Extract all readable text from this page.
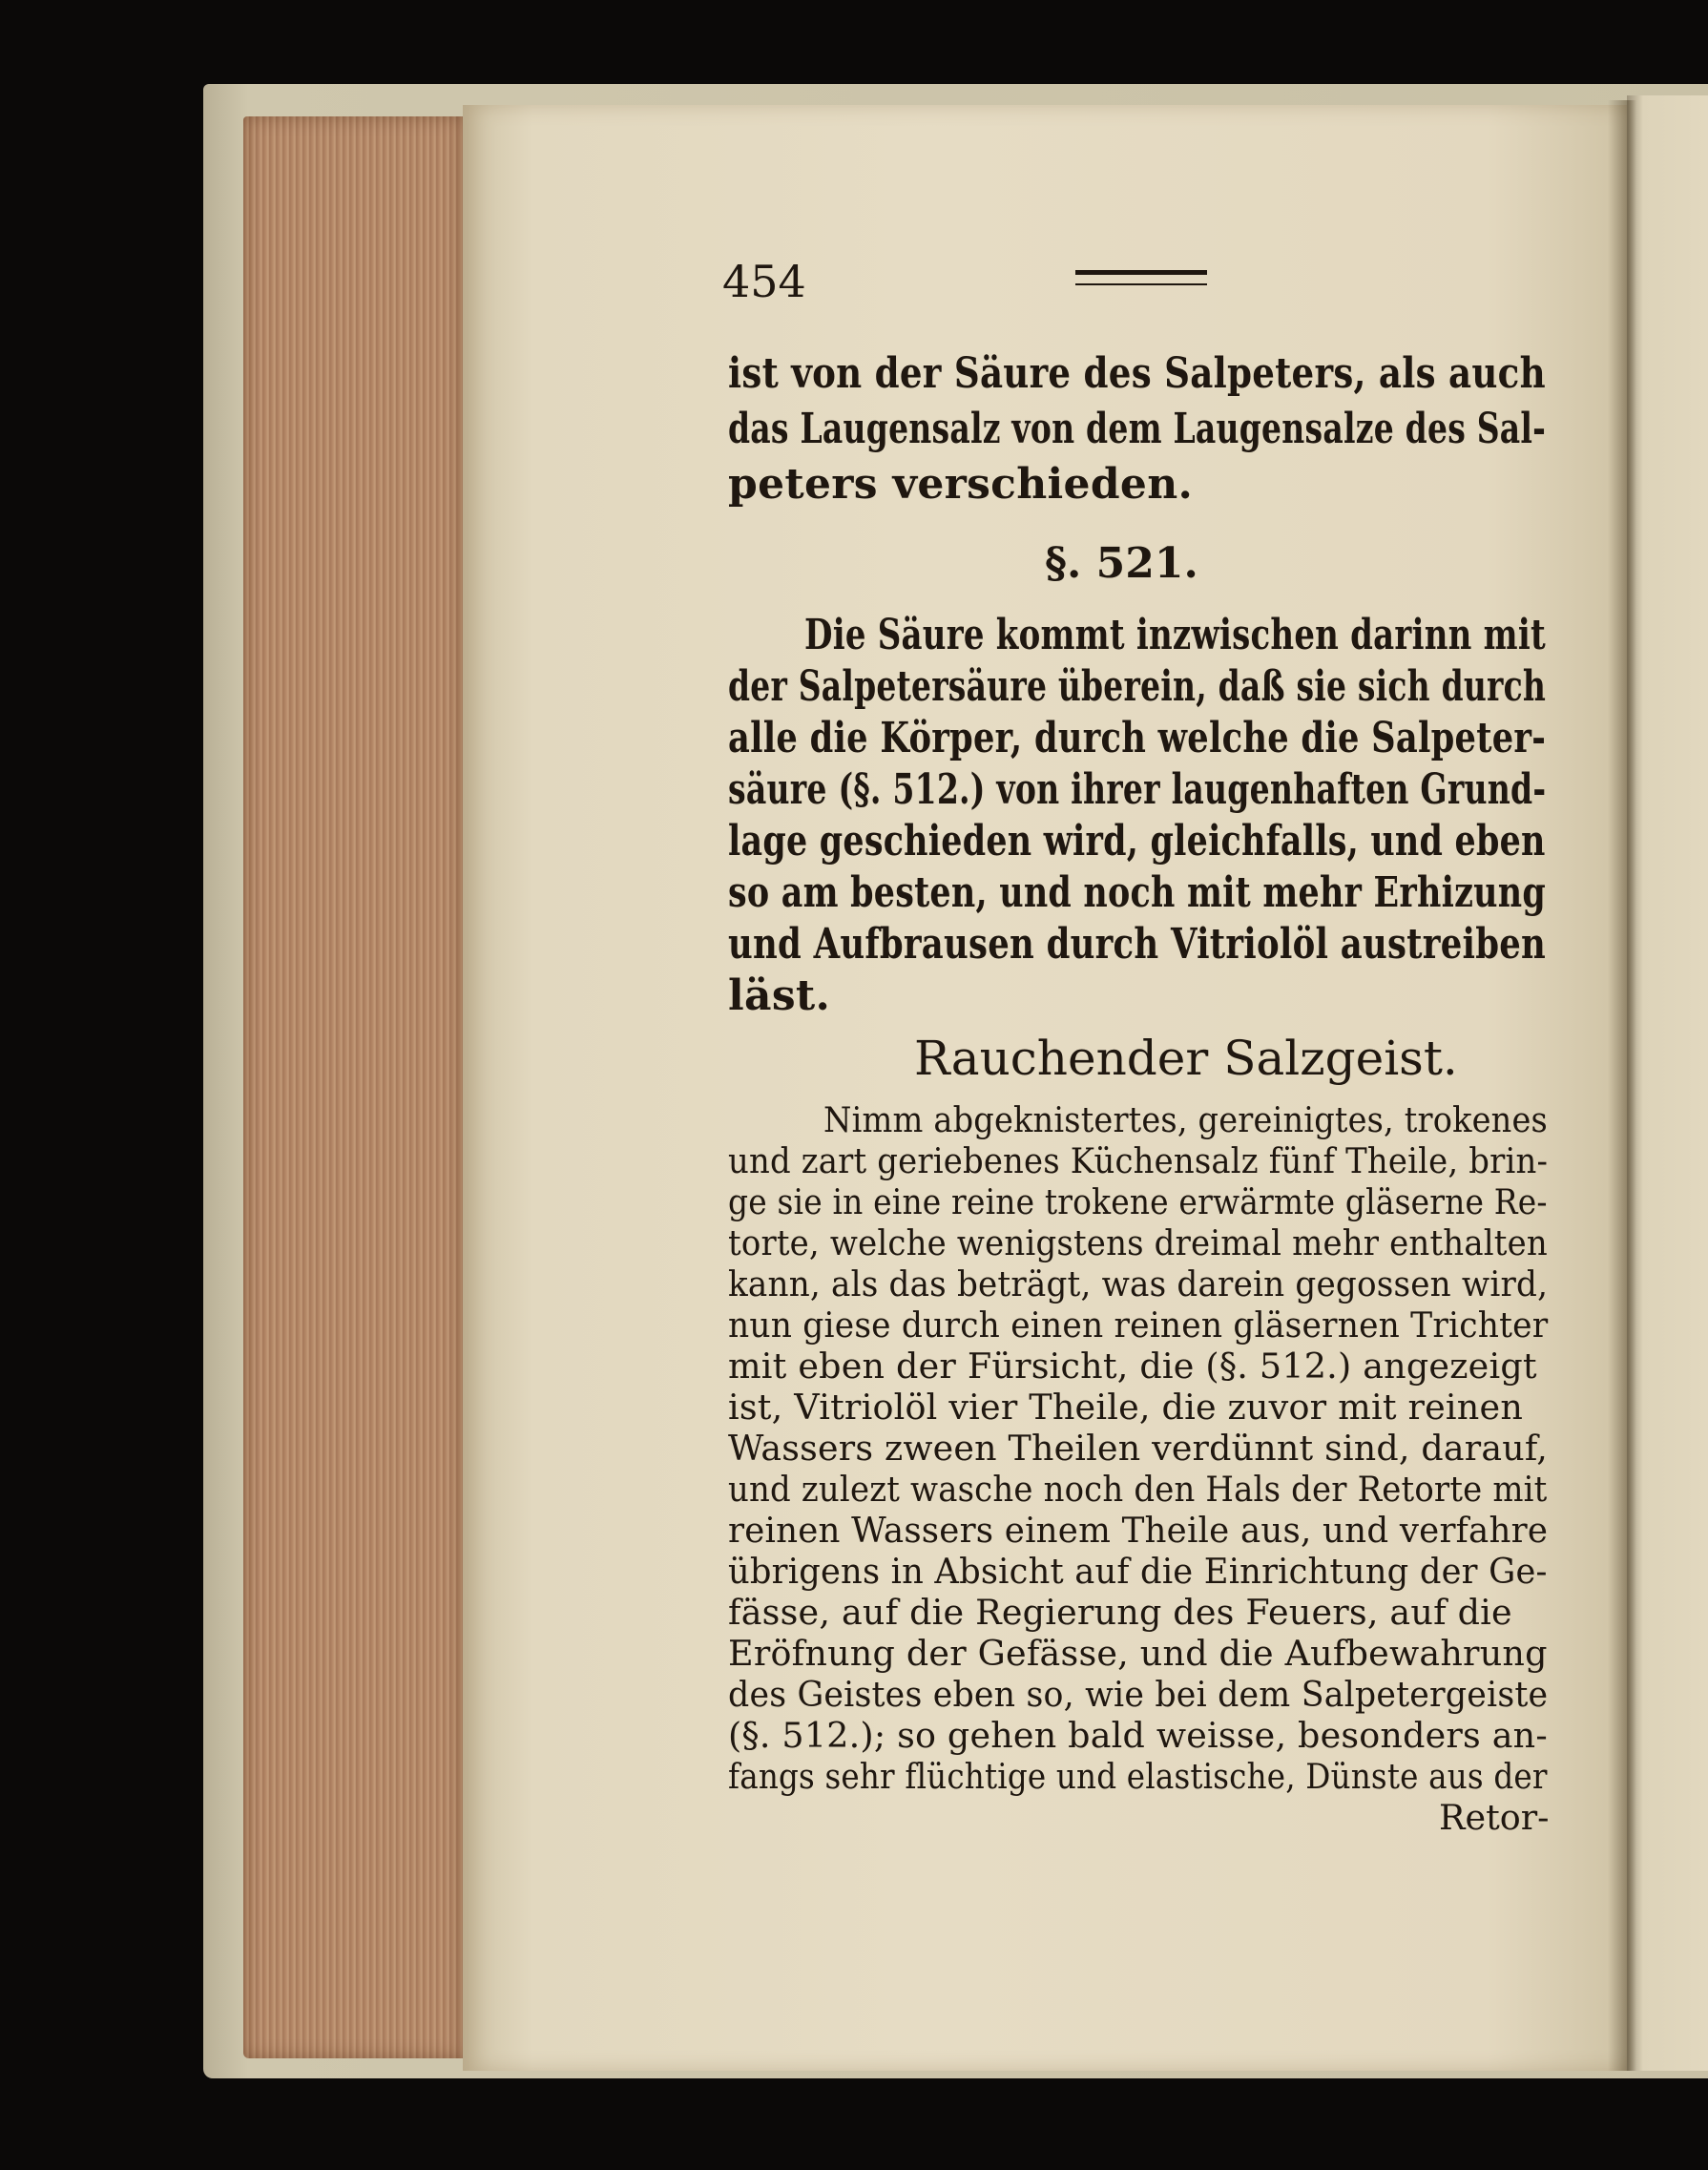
454
ist von der Säure des Salpeters, als auch
das Laugensalz von dem Laugensalze des Sal-
peters verschieden.
§. 521.
Die Säure kommt inzwischen darinn mit
der Salpetersäure überein, daß sie sich durch
alle die Körper, durch welche die Salpeter-
säure (§. 512.) von ihrer laugenhaften Grund-
lage geschieden wird, gleichfalls, und eben
so am besten, und noch mit mehr Erhizung
und Aufbrausen durch Vitriolöl austreiben
läst.
Rauchender Salzgeist.
Nimm abgeknistertes, gereinigtes, trokenes
und zart geriebenes Küchensalz fünf Theile, brin-
ge sie in eine reine trokene erwärmte gläserne Re-
torte, welche wenigstens dreimal mehr enthalten
kann, als das beträgt, was darein gegossen wird,
nun giese durch einen reinen gläsernen Trichter
mit eben der Fürsicht, die (§. 512.) angezeigt
ist, Vitriolöl vier Theile, die zuvor mit reinen
Wassers zween Theilen verdünnt sind, darauf,
und zulezt wasche noch den Hals der Retorte mit
reinen Wassers einem Theile aus, und verfahre
übrigens in Absicht auf die Einrichtung der Ge-
fässe, auf die Regierung des Feuers, auf die
Eröfnung der Gefässe, und die Aufbewahrung
des Geistes eben so, wie bei dem Salpetergeiste
(§. 512.); so gehen bald weisse, besonders an-
fangs sehr flüchtige und elastische, Dünste aus der
Retor-
